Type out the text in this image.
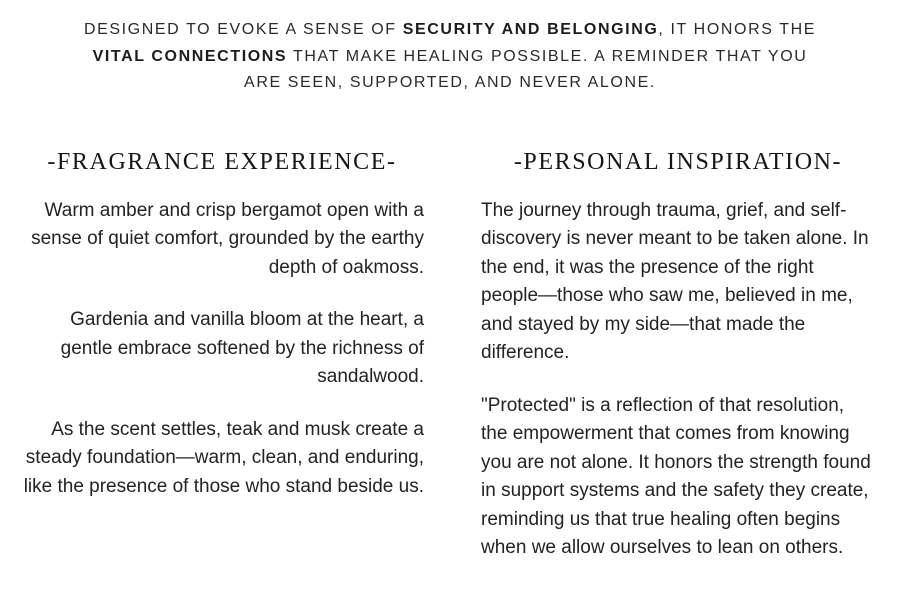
DESIGNED TO EVOKE A SENSE OF SECURITY AND BELONGING, IT HONORS THE
VITAL CONNECTIONS THAT MAKE HEALING POSSIBLE. A REMINDER THAT YOU
ARE SEEN, SUPPORTED, AND NEVER ALONE.
-FRAGRANCE EXPERIENCE-

Warm amber and crisp bergamot open with a sense of quiet comfort, grounded by the earthy depth of oakmoss.

Gardenia and vanilla bloom at the heart, a gentle embrace softened by the richness of sandalwood.

As the scent settles, teak and musk create a steady foundation—warm, clean, and enduring, like the presence of those who stand beside us.

-PERSONAL INSPIRATION-

The journey through trauma, grief, and self-discovery is never meant to be taken alone. In the end, it was the presence of the right people—those who saw me, believed in me, and stayed by my side—that made the difference.

"Protected" is a reflection of that resolution, the empowerment that comes from knowing you are not alone. It honors the strength found in support systems and the safety they create, reminding us that true healing often begins when we allow ourselves to lean on others.
